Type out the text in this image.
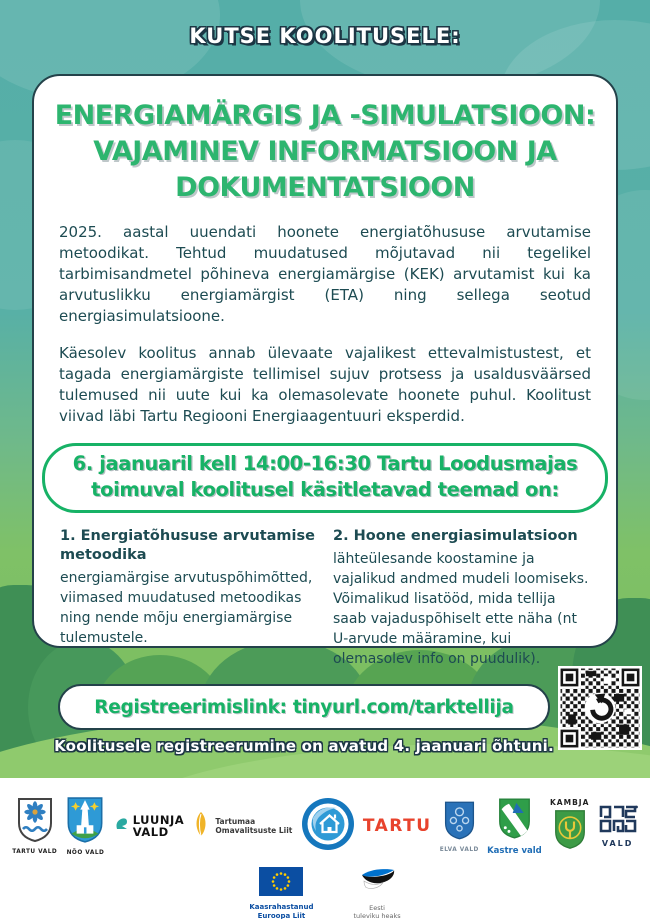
KUTSE KOOLITUSELE:
ENERGIAMÄRGIS JA -SIMULATSIOON:
VAJAMINEV INFORMATSIOON JA
DOKUMENTATSIOON
2025. aastal uuendati hoonete energiatõhususe arvutamise metoodikat. Tehtud muudatused mõjutavad nii tegelikel tarbimisandmetel põhineva energiamärgise (KEK) arvutamist kui ka arvutuslikku energiamärgist (ETA) ning sellega seotud energiasimulatsioone.
Käesolev koolitus annab ülevaate vajalikest ettevalmistustest, et tagada energiamärgiste tellimisel sujuv protsess ja usaldusväärsed tulemused nii uute kui ka olemasolevate hoonete puhul. Koolitust viivad läbi Tartu Regiooni Energiaagentuuri eksperdid.
6. jaanuaril kell 14:00-16:30 Tartu Loodusmajas
toimuval koolitusel käsitletavad teemad on:
1. Energiatõhususe arvutamise metoodika

energiamärgise arvutuspõhimõtted, viimased muudatused metoodikas ning nende mõju energiamärgise tulemustele.

2. Hoone energiasimulatsioon

lähteülesande koostamine ja vajalikud andmed mudeli loomiseks. Võimalikud lisatööd, mida tellija saab vajaduspõhiselt ette näha (nt U-arvude määramine, kui olemasolev info on puudulik).

Registreerimislink: tinyurl.com/tarktellija
Koolitusele registreerumine on avatud 4. jaanuari õhtuni.
TARTU VALD NÕO VALD
LUUNJA
VALD
Tartumaa
Omavalitsuste Liit	TARTU
ELVA VALD Kastre vald
KAMBJA
VALD
Kaasrahastanud
Euroopa Liit
Eesti
tuleviku heaks
